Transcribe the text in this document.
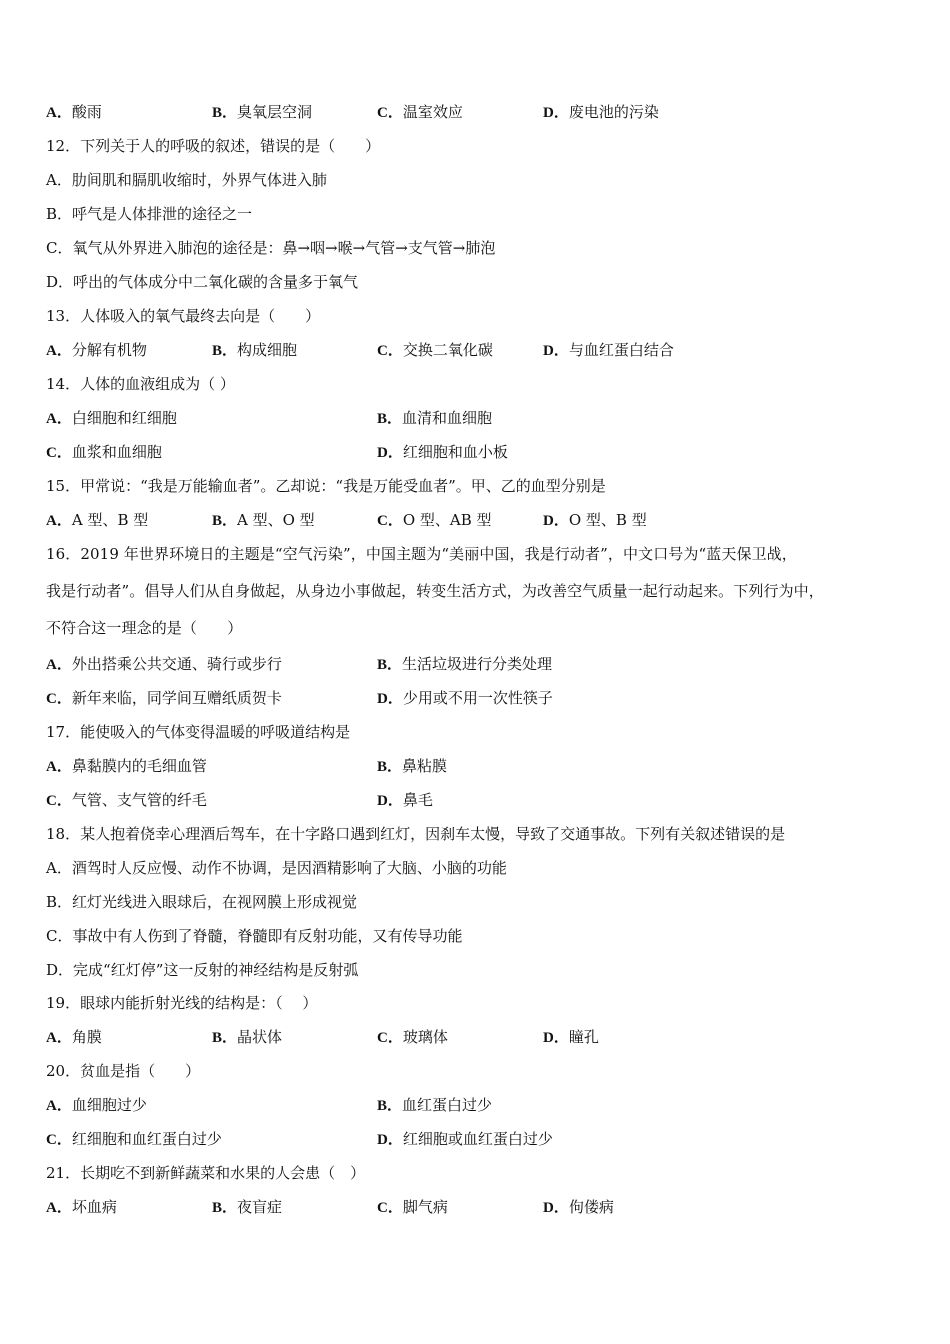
A．酸雨	B．臭氧层空洞	C．温室效应	D．废电池的污染
12．下列关于人的呼吸的叙述，错误的是（　　）
A．肋间肌和膈肌收缩时，外界气体进入肺
B．呼气是人体排泄的途径之一
C．氧气从外界进入肺泡的途径是：鼻→咽→喉→气管→支气管→肺泡
D．呼出的气体成分中二氧化碳的含量多于氧气
13．人体吸入的氧气最终去向是（　　）
A．分解有机物	B．构成细胞	C．交换二氧化碳	D．与血红蛋白结合
14．人体的血液组成为（ ）
A．白细胞和红细胞	B．血清和血细胞
C．血浆和血细胞	D．红细胞和血小板
15．甲常说：“我是万能输血者”。乙却说：“我是万能受血者”。甲、乙的血型分别是
A．A 型、B 型	B．A 型、O 型	C．O 型、AB 型	D．O 型、B 型
16．2019 年世界环境日的主题是“空气污染”，中国主题为“美丽中国，我是行动者”，中文口号为“蓝天保卫战，
我是行动者”。倡导人们从自身做起，从身边小事做起，转变生活方式，为改善空气质量一起行动起来。下列行为中，
不符合这一理念的是（　　）
A．外出搭乘公共交通、骑行或步行	B．生活垃圾进行分类处理
C．新年来临，同学间互赠纸质贺卡	D．少用或不用一次性筷子
17．能使吸入的气体变得温暖的呼吸道结构是
A．鼻黏膜内的毛细血管	B．鼻粘膜
C．气管、支气管的纤毛	D．鼻毛
18．某人抱着侥幸心理酒后驾车，在十字路口遇到红灯，因刹车太慢，导致了交通事故。下列有关叙述错误的是
A．酒驾时人反应慢、动作不协调，是因酒精影响了大脑、小脑的功能
B．红灯光线进入眼球后，在视网膜上形成视觉
C．事故中有人伤到了脊髓，脊髓即有反射功能，又有传导功能
D．完成“红灯停”这一反射的神经结构是反射弧
19．眼球内能折射光线的结构是：（　 ）
A．角膜	B．晶状体	C．玻璃体	D．瞳孔
20．贫血是指（　　）
A．血细胞过少	B．血红蛋白过少
C．红细胞和血红蛋白过少	D．红细胞或血红蛋白过少
21．长期吃不到新鲜蔬菜和水果的人会患（　）
A．坏血病	B．夜盲症	C．脚气病	D．佝偻病
